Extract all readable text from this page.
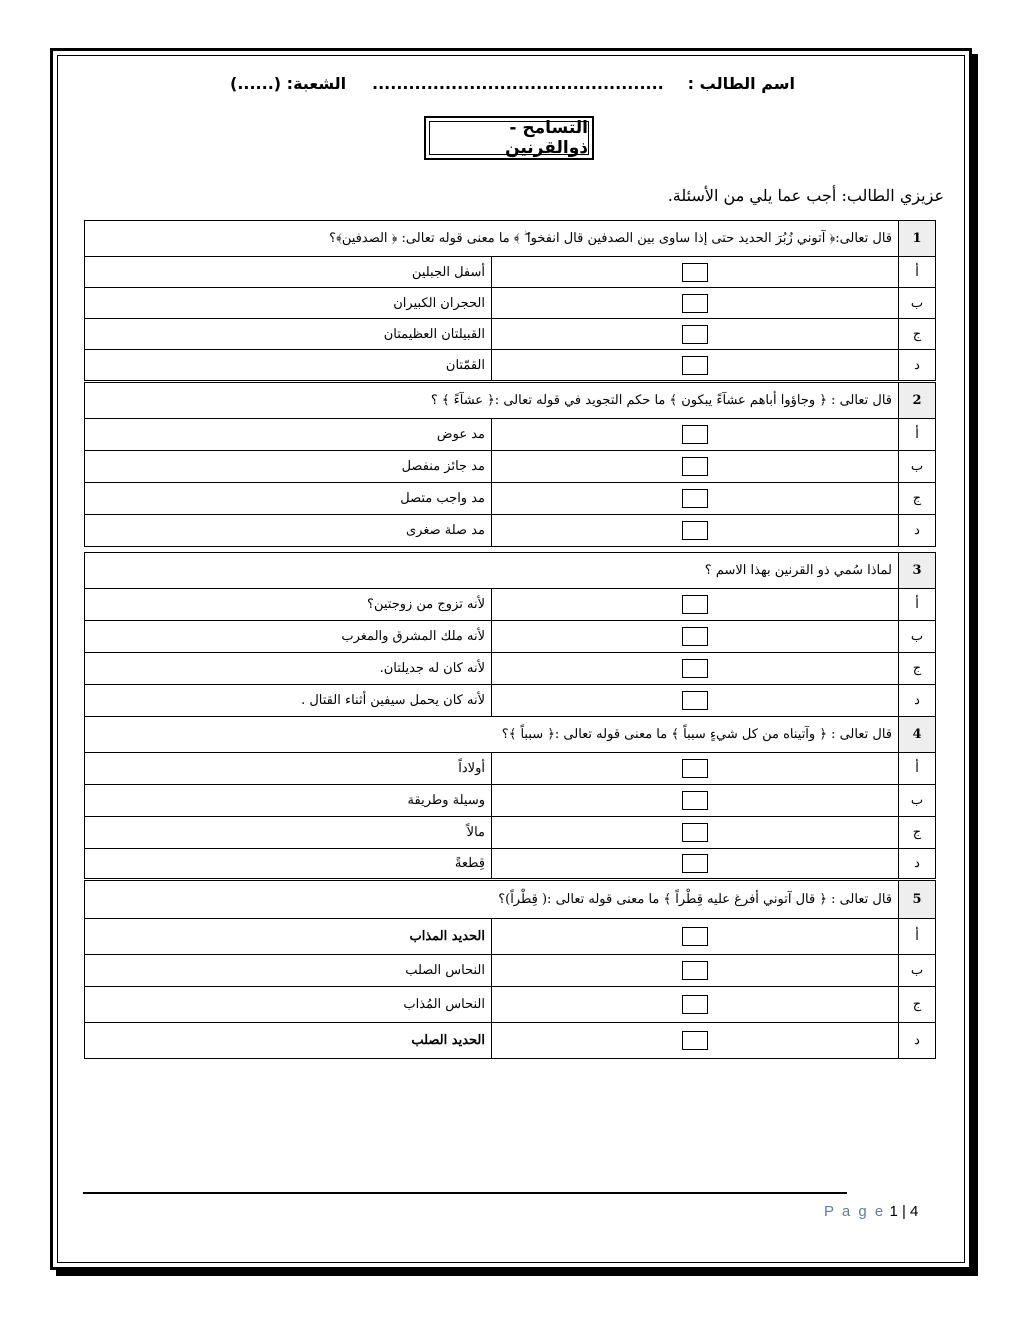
اسم الطالب :
................................................
الشعبة: (......)
التسامح - ذوالقرنين
عزيزي الطالب: أجب عما يلي من الأسئلة.
1	قال تعالى:﴿ آتوني زُبُرَ الحديد حتى إذا ساوى بين الصدفين قال انفخوا ۖ ﴾ ما معنى قوله تعالى: ﴿ الصدفين﴾؟	
أ		أسفل الجبلين
ب		الحجران الكبيران
ج		القبيلتان العظيمتان
د		القمّتان
2	قال تعالى : ﴿ وجاؤوا أباهم عشآءً يبكون ﴾ ما حكم التجويد في قوله تعالى :﴿ عشآءً ﴾ ؟	
أ		مد عوض
ب		مد جائز منفصل
ج		مد واجب متصل
د		مد صلة صغرى
3	لماذا سُمي ذو القرنين بهذا الاسم ؟	
أ		لأنه تزوج من زوجتين؟
ب		لأنه ملك المشرق والمغرب
ج		لأنه كان له جديلتان.
د		لأنه كان يحمل سيفين أثناء القتال .
4	قال تعالى : ﴿ وآتيناه من كل شيءٍ سبباً ﴾ ما معنى قوله تعالى :﴿ سبباً ﴾؟	
أ		أولاداً
ب		وسيلة وطريقة
ج		مالاً
د		قِطعةً
5	قال تعالى : ﴿ قال آتوني أفرغ عليه قِطْراً ﴾ ما معنى قوله تعالى :( قِطْراً)؟	
أ		الحديد المذاب
ب		النحاس الصلب
ج		النحاس المُذاب
د		الحديد الصلب
P a g e 1 | 4
